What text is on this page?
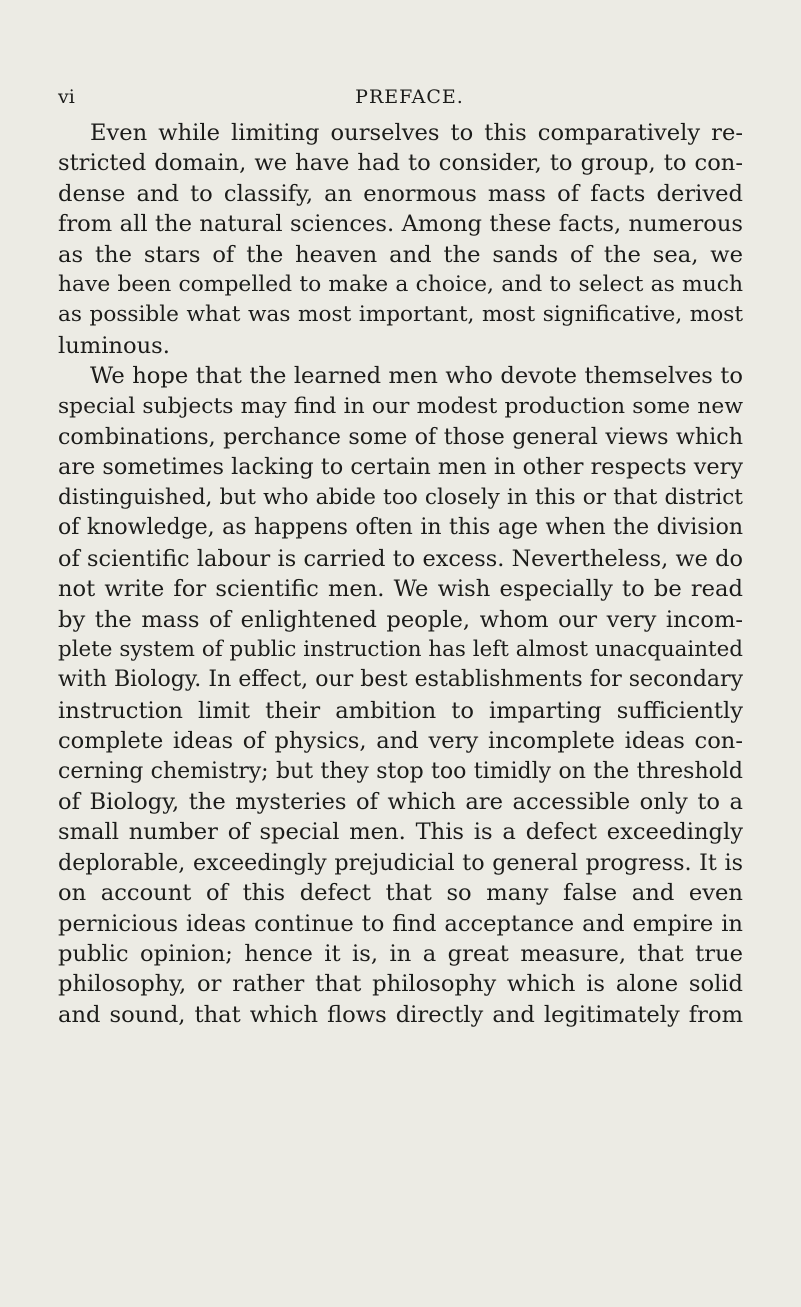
vi	PREFACE.
Even while limiting ourselves to this comparatively re-
stricted domain, we have had to consider, to group, to con-
dense and to classify, an enormous mass of facts derived
from all the natural sciences. Among these facts, numerous
as the stars of the heaven and the sands of the sea, we
have been compelled to make a choice, and to select as much
as possible what was most important, most significative, most
luminous.
We hope that the learned men who devote themselves to
special subjects may find in our modest production some new
combinations, perchance some of those general views which
are sometimes lacking to certain men in other respects very
distinguished, but who abide too closely in this or that district
of knowledge, as happens often in this age when the division
of scientific labour is carried to excess. Nevertheless, we do
not write for scientific men. We wish especially to be read
by the mass of enlightened people, whom our very incom-
plete system of public instruction has left almost unacquainted
with Biology. In effect, our best establishments for secondary
instruction limit their ambition to imparting sufficiently
complete ideas of physics, and very incomplete ideas con-
cerning chemistry; but they stop too timidly on the threshold
of Biology, the mysteries of which are accessible only to a
small number of special men. This is a defect exceedingly
deplorable, exceedingly prejudicial to general progress. It is
on account of this defect that so many false and even
pernicious ideas continue to find acceptance and empire in
public opinion; hence it is, in a great measure, that true
philosophy, or rather that philosophy which is alone solid
and sound, that which flows directly and legitimately from
